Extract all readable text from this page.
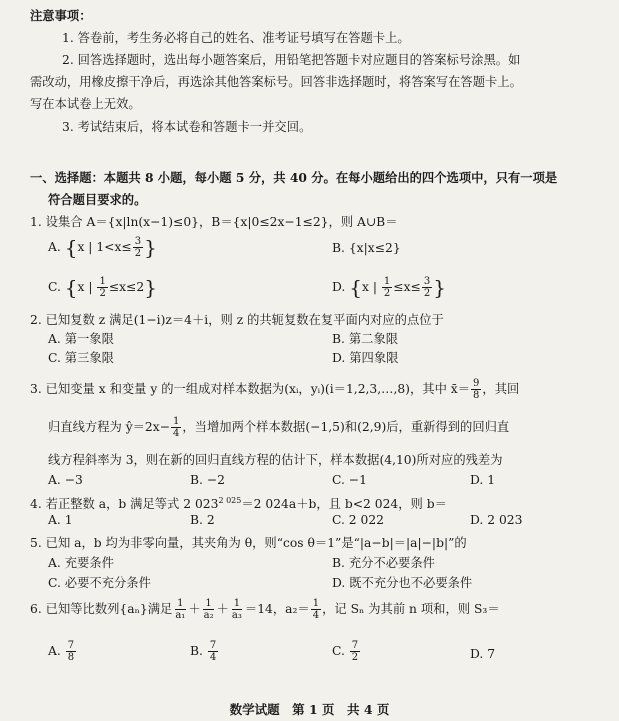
注意事项：
1. 答卷前，考生务必将自己的姓名、准考证号填写在答题卡上。
2. 回答选择题时，选出每小题答案后，用铅笔把答题卡对应题目的答案标号涂黑。如
需改动，用橡皮擦干净后，再选涂其他答案标号。回答非选择题时，将答案写在答题卡上。
写在本试卷上无效。
3. 考试结束后，将本试卷和答题卡一并交回。
一、选择题：本题共 8 小题，每小题 5 分，共 40 分。在每小题给出的四个选项中，只有一项是
符合题目要求的。
1. 设集合 A＝{x|ln(x−1)≤0}，B＝{x|0≤2x−1≤2}，则 A∪B＝
A. {x | $1<x\le \frac{3}{2}$ }	B. {x|x≤2}
C. {x | $\frac{1}{2} \le x\le 2$}	D. {x | $\frac{1}{2} \le x\le \frac{3}{2}$ }
2. 已知复数 z 满足(1−i)z＝4＋i，则 z 的共轭复数在复平面内对应的点位于
A. 第一象限	B. 第二象限
C. 第三象限	D. 第四象限
3. 已知变量 x 和变量 y 的一组成对样本数据为(xᵢ，yᵢ)(i＝1,2,3,…,8)，其中 x̄＝ $\frac{9}{8}$ ，其回
归直线方程为 ŷ＝2x− $\frac{1}{4}$ ，当增加两个样本数据(−1,5)和(2,9)后，重新得到的回归直
线方程斜率为 3，则在新的回归直线方程的估计下，样本数据(4,10)所对应的残差为
A. −3	B. −2	C. −1	D. 1
4. 若正整数 a，b 满足等式 2 $023^{2 025}=2$ 024a＋b，且 b<2 024，则 b＝
A. 1	B. 2	C. 2 022	D. 2 023
5. 已知 a，b 均为非零向量，其夹角为 θ，则“cos θ＝1”是“|a−b|＝|a|−|b|”的
A. 充要条件	B. 充分不必要条件
C. 必要不充分条件	D. 既不充分也不必要条件
6. 已知等比数列{aₙ}满足 $\frac{1}{\text{a₁}} + \frac{1}{\text{a₂}} + \frac{1}{\text{a₃}} =14$，$a_2= \frac{1}{4}$ ，记 Sₙ 为其前 n 项和，则 S₃＝
A. $\frac{7}{8}$	B. $\frac{7}{4}$	C. $\frac{7}{2}$	D. 7
数学试题　第 1 页　共 4 页
